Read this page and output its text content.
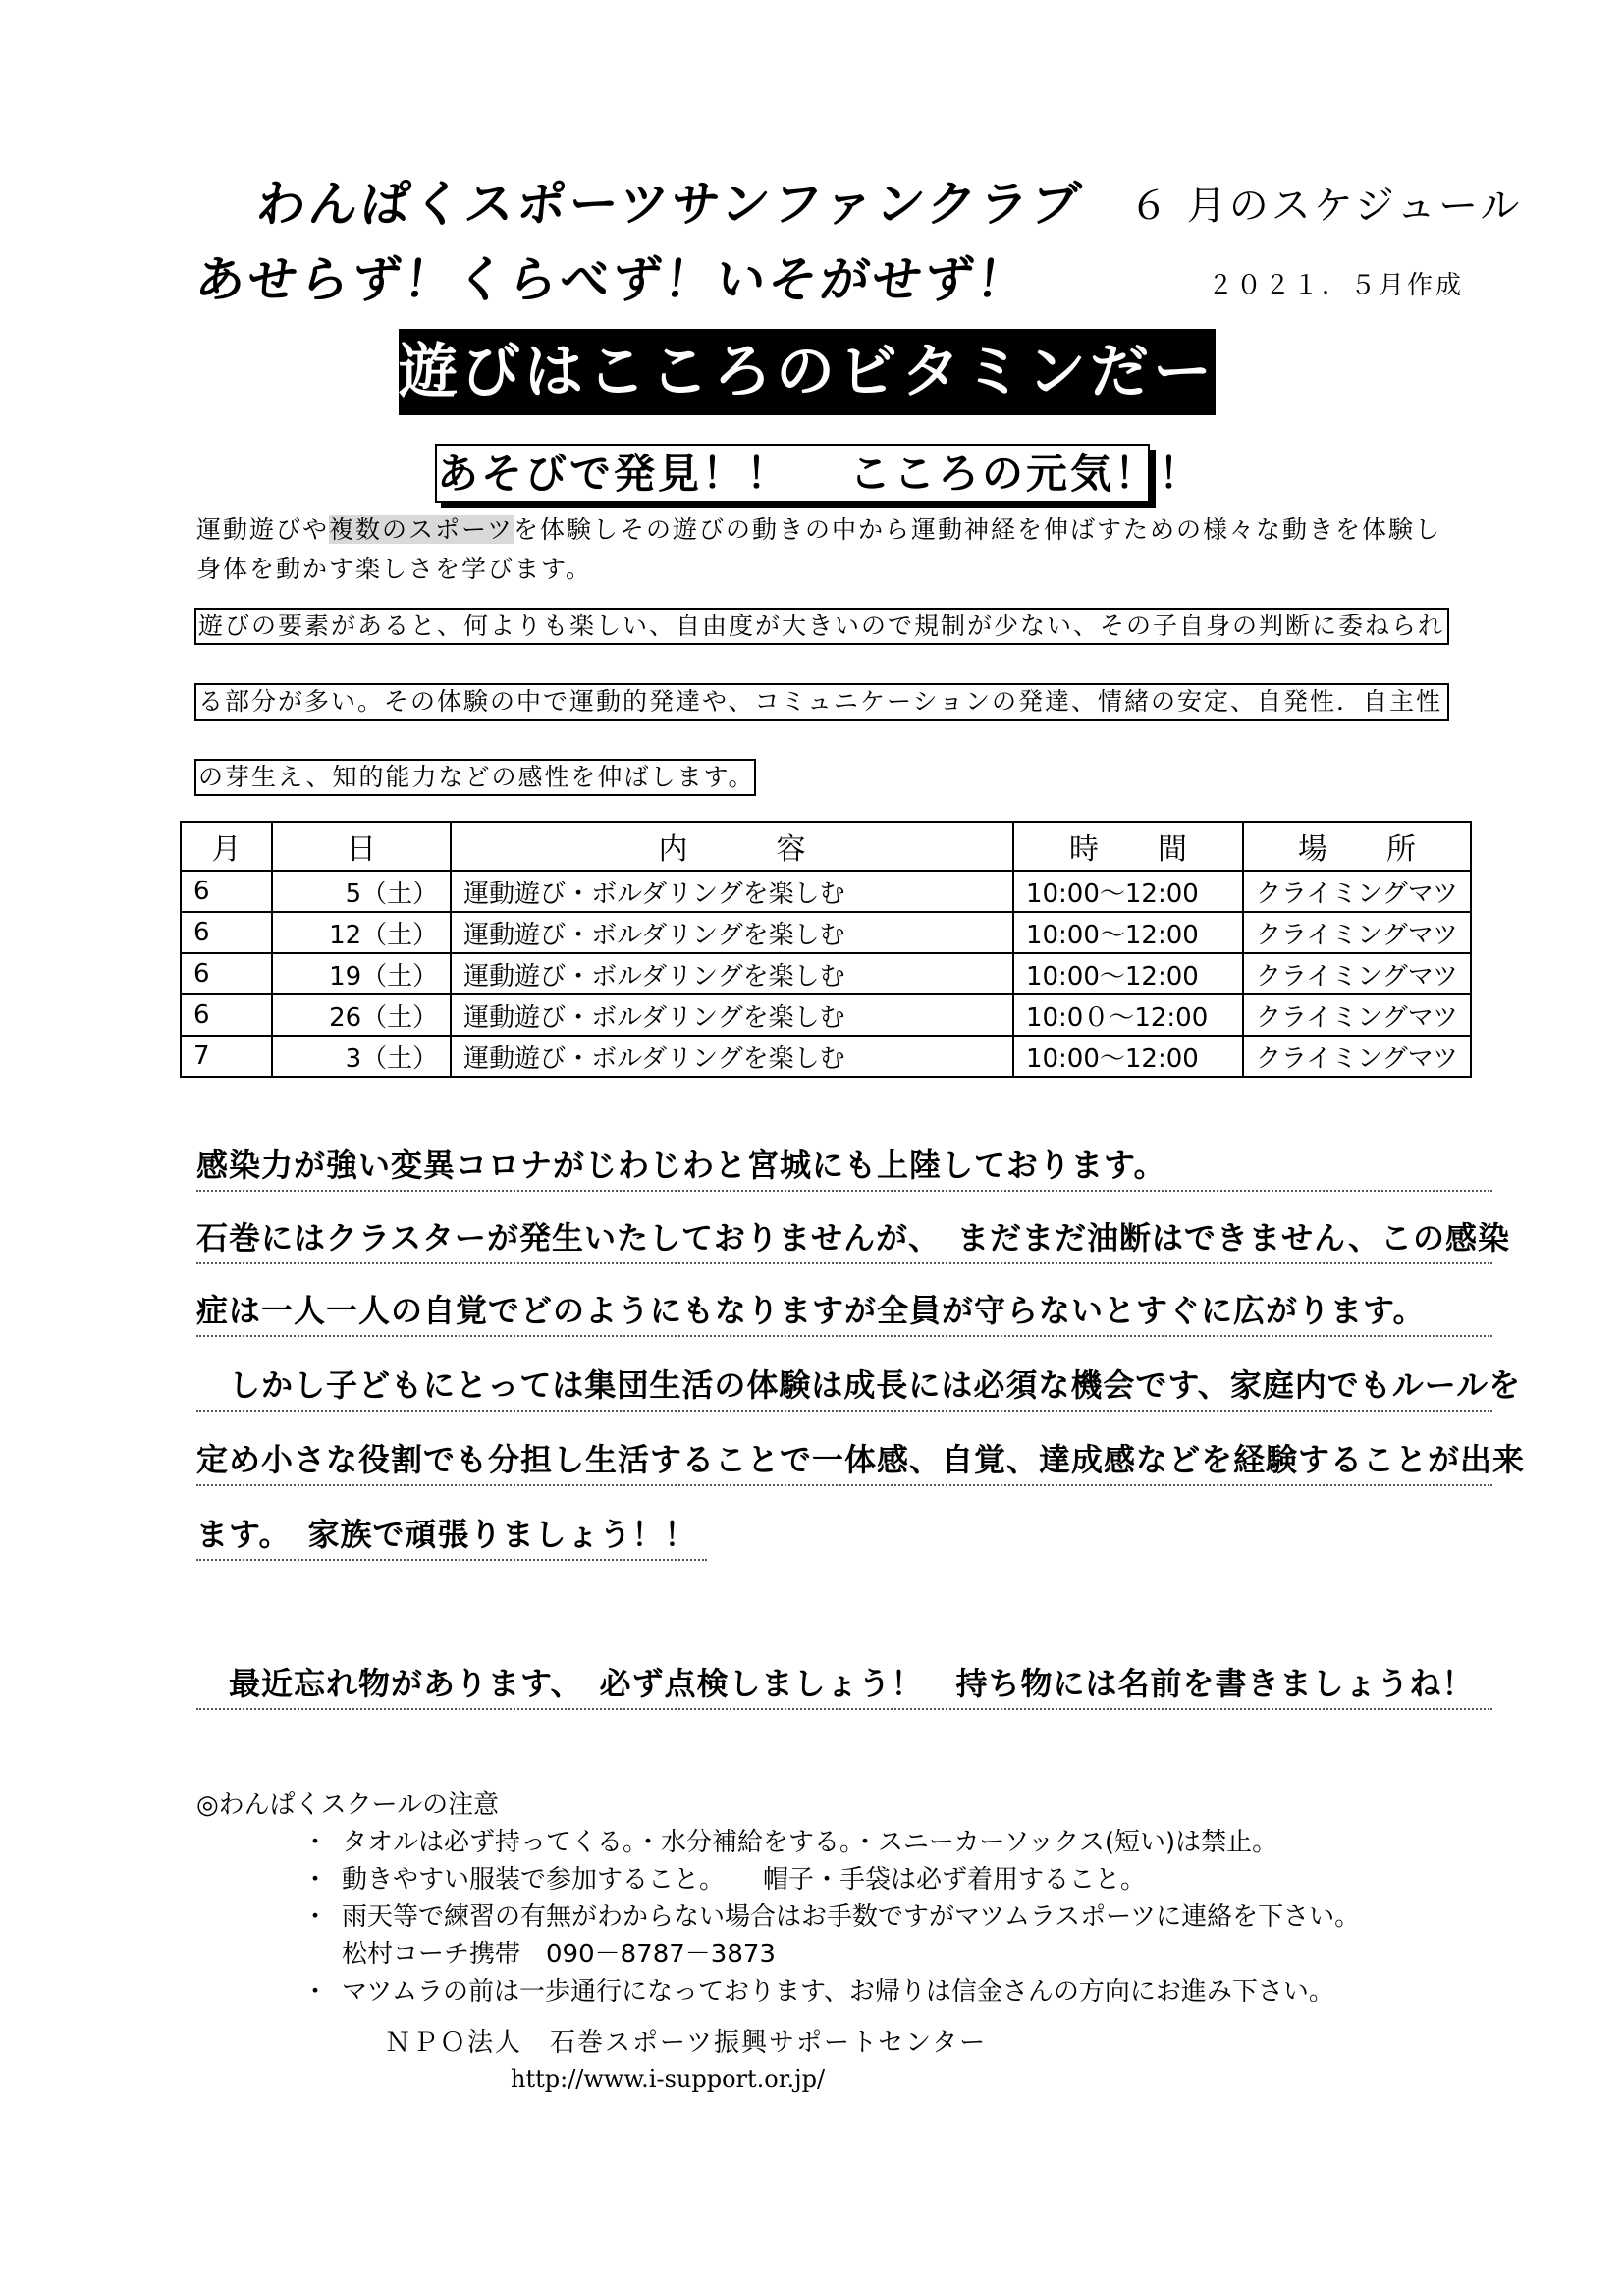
わんぱくスポーツサンファンクラブ ６ 月のスケジュール
あせらず！くらべず！いそがせず！	２０２１．５月作成
遊びはこころのビタミンだー！
あそびで発見！！ こころの元気！！
運動遊びや複数のスポーツを体験しその遊びの動きの中から運動神経を伸ばすための様々な動きを体験し身体を動かす楽しさを学びます。
遊びの要素があると、何よりも楽しい、自由度が大きいので規制が少ない、その子自身の判断に委ねられ
る部分が多い。その体験の中で運動的発達や、コミュニケーションの発達、情緒の安定、自発性．自主性
の芽生え、知的能力などの感性を伸ばします。
月	日	内　　　容	時　　間	場　　所
6	5（土）	運動遊び・ボルダリングを楽しむ	10:00～12:00	クライミングマツ
6	12（土）	運動遊び・ボルダリングを楽しむ	10:00～12:00	クライミングマツ
6	19（土）	運動遊び・ボルダリングを楽しむ	10:00～12:00	クライミングマツ
6	26（土）	運動遊び・ボルダリングを楽しむ	10:0０～12:00	クライミングマツ
7	3（土）	運動遊び・ボルダリングを楽しむ	10:00～12:00	クライミングマツ
感染力が強い変異コロナがじわじわと宮城にも上陸しております。
石巻にはクラスターが発生いたしておりませんが、　まだまだ油断はできません、この感染
症は一人一人の自覚でどのようにもなりますが全員が守らないとすぐに広がります。
　しかし子どもにとっては集団生活の体験は成長には必須な機会です、家庭内でもルールを
定め小さな役割でも分担し生活することで一体感、自覚、達成感などを経験することが出来
ます。　家族で頑張りましょう！！
　最近忘れ物があります、　必ず点検しましょう！　持ち物には名前を書きましょうね！
◎わんぱくスクールの注意
・ タオルは必ず持ってくる。・水分補給をする。・スニーカーソックス(短い)は禁止。
・ 動きやすい服装で参加すること。　　帽子・手袋は必ず着用すること。
・ 雨天等で練習の有無がわからない場合はお手数ですがマツムラスポーツに連絡を下さい。
松村コーチ携帯　090－8787－3873
・ マツムラの前は一歩通行になっております、お帰りは信金さんの方向にお進み下さい。
ＮＰＯ法人　石巻スポーツ振興サポートセンター
http://www.i-support.or.jp/
